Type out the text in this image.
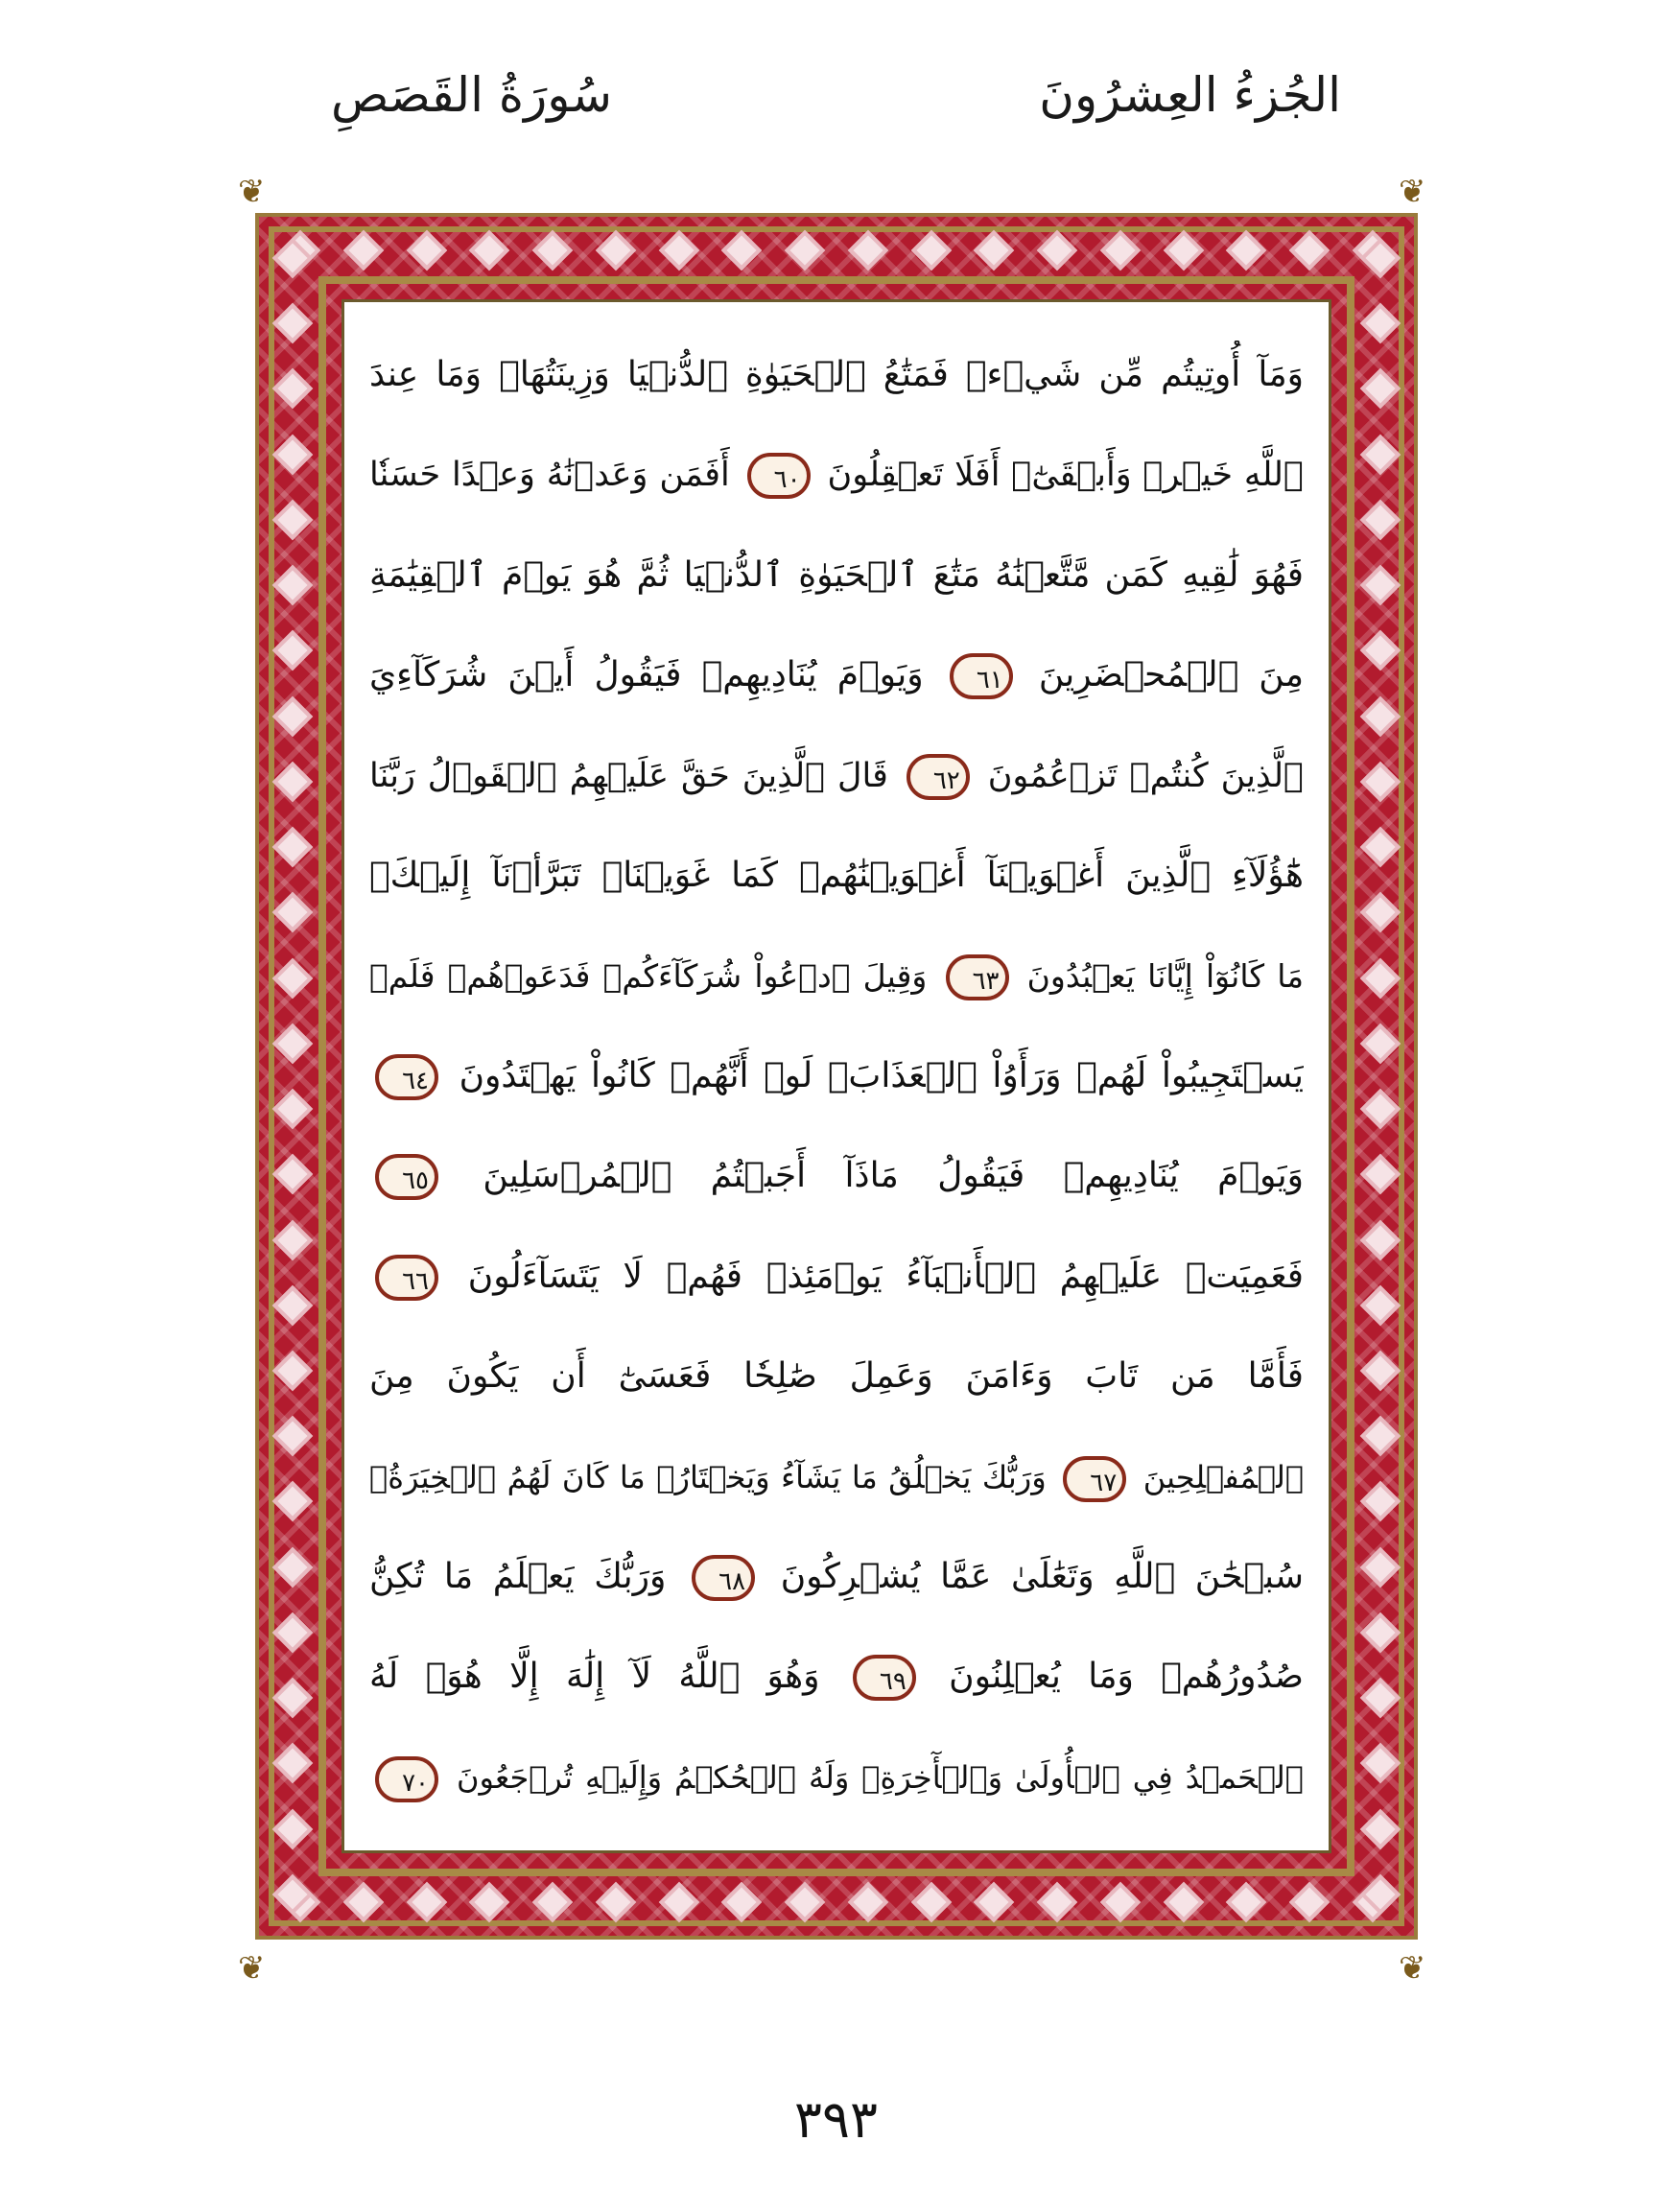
الجُزءُ العِشرُونَ
سُورَةُ القَصَصِ
❦	❦
❦	❦
وَمَآ أُوتِيتُم مِّن شَيۡءٖ فَمَتَٰعُ ٱلۡحَيَوٰةِ ٱلدُّنۡيَا وَزِينَتُهَاۚ وَمَا عِندَ
ٱللَّهِ خَيۡرٞ وَأَبۡقَىٰٓۚ أَفَلَا تَعۡقِلُونَ ٦٠ أَفَمَن وَعَدۡنَٰهُ وَعۡدًا حَسَنٗا
فَهُوَ لَٰقِيهِ كَمَن مَّتَّعۡنَٰهُ مَتَٰعَ ٱلۡحَيَوٰةِ ٱلدُّنۡيَا ثُمَّ هُوَ يَوۡمَ ٱلۡقِيَٰمَةِ
مِنَ ٱلۡمُحۡضَرِينَ ٦١ وَيَوۡمَ يُنَادِيهِمۡ فَيَقُولُ أَيۡنَ شُرَكَآءِيَ
ٱلَّذِينَ كُنتُمۡ تَزۡعُمُونَ ٦٢ قَالَ ٱلَّذِينَ حَقَّ عَلَيۡهِمُ ٱلۡقَوۡلُ رَبَّنَا
هَٰٓؤُلَآءِ ٱلَّذِينَ أَغۡوَيۡنَآ أَغۡوَيۡنَٰهُمۡ كَمَا غَوَيۡنَاۖ تَبَرَّأۡنَآ إِلَيۡكَۖ
مَا كَانُوٓاْ إِيَّانَا يَعۡبُدُونَ ٦٣ وَقِيلَ ٱدۡعُواْ شُرَكَآءَكُمۡ فَدَعَوۡهُمۡ فَلَمۡ
يَسۡتَجِيبُواْ لَهُمۡ وَرَأَوُاْ ٱلۡعَذَابَۚ لَوۡ أَنَّهُمۡ كَانُواْ يَهۡتَدُونَ ٦٤
وَيَوۡمَ يُنَادِيهِمۡ فَيَقُولُ مَاذَآ أَجَبۡتُمُ ٱلۡمُرۡسَلِينَ ٦٥
فَعَمِيَتۡ عَلَيۡهِمُ ٱلۡأَنۢبَآءُ يَوۡمَئِذٖ فَهُمۡ لَا يَتَسَآءَلُونَ ٦٦
فَأَمَّا مَن تَابَ وَءَامَنَ وَعَمِلَ صَٰلِحٗا فَعَسَىٰٓ أَن يَكُونَ مِنَ
ٱلۡمُفۡلِحِينَ ٦٧ وَرَبُّكَ يَخۡلُقُ مَا يَشَآءُ وَيَخۡتَارُۗ مَا كَانَ لَهُمُ ٱلۡخِيَرَةُۚ
سُبۡحَٰنَ ٱللَّهِ وَتَعَٰلَىٰ عَمَّا يُشۡرِكُونَ ٦٨ وَرَبُّكَ يَعۡلَمُ مَا تُكِنُّ
صُدُورُهُمۡ وَمَا يُعۡلِنُونَ ٦٩ وَهُوَ ٱللَّهُ لَآ إِلَٰهَ إِلَّا هُوَۖ لَهُ
ٱلۡحَمۡدُ فِي ٱلۡأُولَىٰ وَٱلۡأٓخِرَةِۖ وَلَهُ ٱلۡحُكۡمُ وَإِلَيۡهِ تُرۡجَعُونَ ٧٠
٣٩٣
